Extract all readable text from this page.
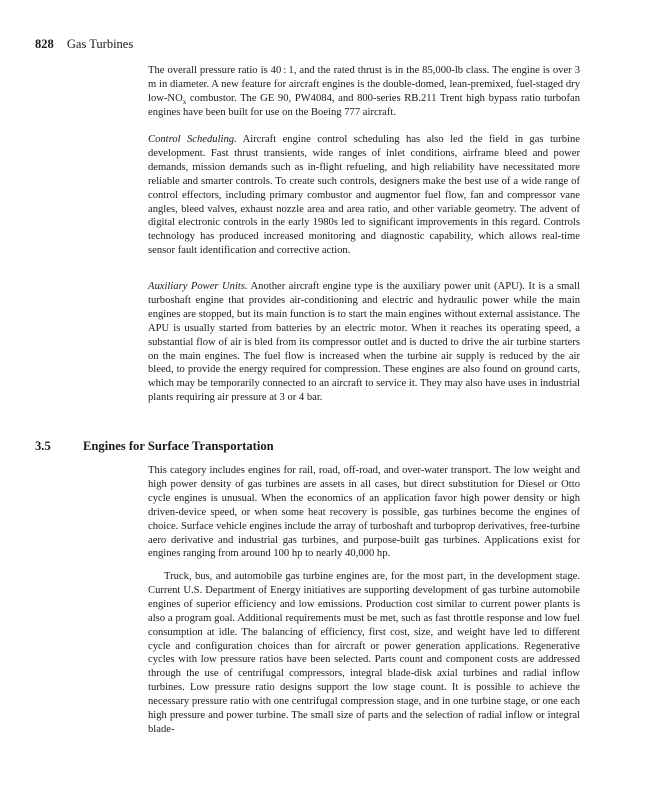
828 Gas Turbines

The overall pressure ratio is 40 : 1, and the rated thrust is in the 85,000-lb class. The engine is over 3 m in diameter. A new feature for aircraft engines is the double-domed, lean-premixed, fuel-staged dry low-$NO_x$ combustor. The GE 90, PW4084, and 800-series RB.211 Trent high bypass ratio turbofan engines have been built for use on the Boeing 777 aircraft.

Control Scheduling. Aircraft engine control scheduling has also led the field in gas turbine development. Fast thrust transients, wide ranges of inlet conditions, airframe bleed and power demands, mission demands such as in-flight refueling, and high reliability have necessitated more reliable and smarter controls. To create such controls, designers make the best use of a wide range of control effectors, including primary combustor and augmentor fuel flow, fan and compressor vane angles, bleed valves, exhaust nozzle area and area ratio, and other variable geometry. The advent of digital electronic controls in the early 1980s led to significant improvements in this regard. Controls technology has produced increased monitoring and diagnostic capability, which allows real-time sensor fault identification and corrective action.

Auxiliary Power Units. Another aircraft engine type is the auxiliary power unit (APU). It is a small turboshaft engine that provides air-conditioning and electric and hydraulic power while the main engines are stopped, but its main function is to start the main engines without external assistance. The APU is usually started from batteries by an electric motor. When it reaches its operating speed, a substantial flow of air is bled from its compressor outlet and is ducted to drive the air turbine starters on the main engines. The fuel flow is increased when the turbine air supply is reduced by the air bleed, to provide the energy required for compression. These engines are also found on ground carts, which may be temporarily connected to an aircraft to service it. They may also have uses in industrial plants requiring air pressure at 3 or 4 bar.

3.5	Engines for Surface Transportation

This category includes engines for rail, road, off-road, and over-water transport. The low weight and high power density of gas turbines are assets in all cases, but direct substitution for Diesel or Otto cycle engines is unusual. When the economics of an application favor high power density or high driven-device speed, or when some heat recovery is possible, gas turbines become the engines of choice. Surface vehicle engines include the array of turboshaft and turboprop derivatives, free-turbine aero derivative and industrial gas turbines, and purpose-built gas turbines. Applications exist for engines ranging from around 100 hp to nearly 40,000 hp.

Truck, bus, and automobile gas turbine engines are, for the most part, in the development stage. Current U.S. Department of Energy initiatives are supporting development of gas turbine automobile engines of superior efficiency and low emissions. Production cost similar to current power plants is also a program goal. Additional requirements must be met, such as fast throttle response and low fuel consumption at idle. The balancing of efficiency, first cost, size, and weight have led to different cycle and configuration choices than for aircraft or power generation applications. Regenerative cycles with low pressure ratios have been selected. Parts count and component costs are addressed through the use of centrifugal compressors, integral blade-disk axial turbines and radial inflow turbines. Low pressure ratio designs support the low stage count. It is possible to achieve the necessary pressure ratio with one centrifugal compression stage, and in one turbine stage, or one each high pressure and power turbine. The small size of parts and the selection of radial inflow or integral blade-
